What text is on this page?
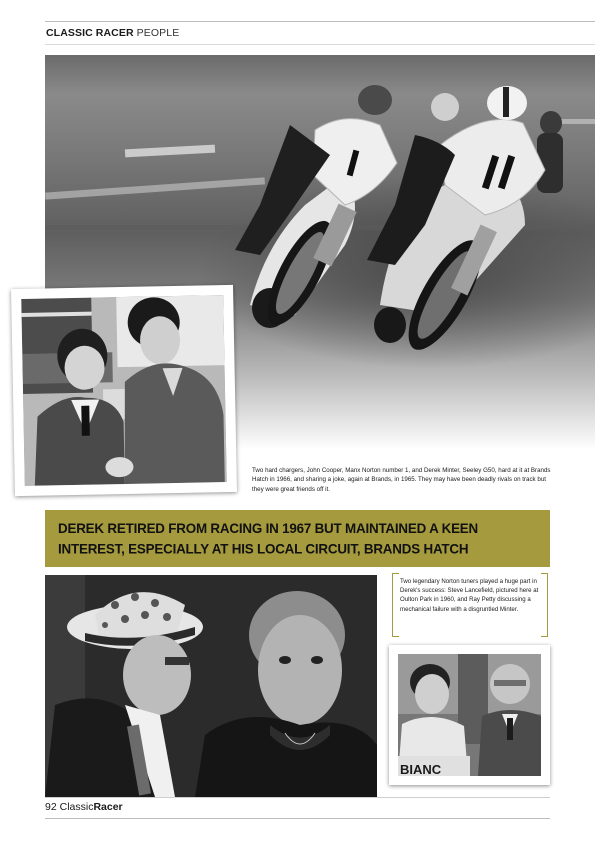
CLASSIC RACER PEOPLE
1
Two hard chargers, John Cooper, Manx Norton number 1, and Derek Minter, Seeley G50, hard at it at Brands Hatch in 1966, and sharing a joke, again at Brands, in 1965. They may have been deadly rivals on track but they were great friends off it.
DEREK RETIRED FROM RACING IN 1967 BUT MAINTAINED A KEEN INTEREST, ESPECIALLY AT HIS LOCAL CIRCUIT, BRANDS HATCH

Two legendary Norton tuners played a huge part in Derek's success: Steve Lancefield, pictured here at Oulton Park in 1960, and Ray Petty discussing a mechanical failure with a disgruntled Minter.

BIANC
92 ClassicRacer
